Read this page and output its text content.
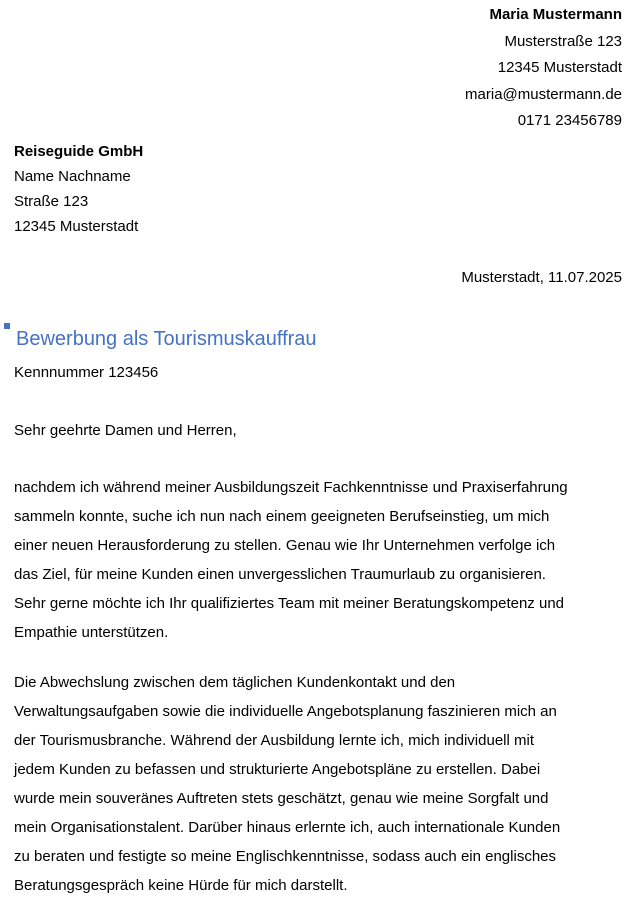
Maria Mustermann
Musterstraße 123
12345 Musterstadt
maria@mustermann.de
0171 23456789
Reiseguide GmbH
Name Nachname
Straße 123
12345 Musterstadt
Musterstadt, 11.07.2025
Bewerbung als Tourismuskauffrau
Kennnummer 123456
Sehr geehrte Damen und Herren,
nachdem ich während meiner Ausbildungszeit Fachkenntnisse und Praxiserfahrung
sammeln konnte, suche ich nun nach einem geeigneten Berufseinstieg, um mich
einer neuen Herausforderung zu stellen. Genau wie Ihr Unternehmen verfolge ich
das Ziel, für meine Kunden einen unvergesslichen Traumurlaub zu organisieren.
Sehr gerne möchte ich Ihr qualifiziertes Team mit meiner Beratungskompetenz und
Empathie unterstützen.
Die Abwechslung zwischen dem täglichen Kundenkontakt und den
Verwaltungsaufgaben sowie die individuelle Angebotsplanung faszinieren mich an
der Tourismusbranche. Während der Ausbildung lernte ich, mich individuell mit
jedem Kunden zu befassen und strukturierte Angebotspläne zu erstellen. Dabei
wurde mein souveränes Auftreten stets geschätzt, genau wie meine Sorgfalt und
mein Organisationstalent. Darüber hinaus erlernte ich, auch internationale Kunden
zu beraten und festigte so meine Englischkenntnisse, sodass auch ein englisches
Beratungsgespräch keine Hürde für mich darstellt.
